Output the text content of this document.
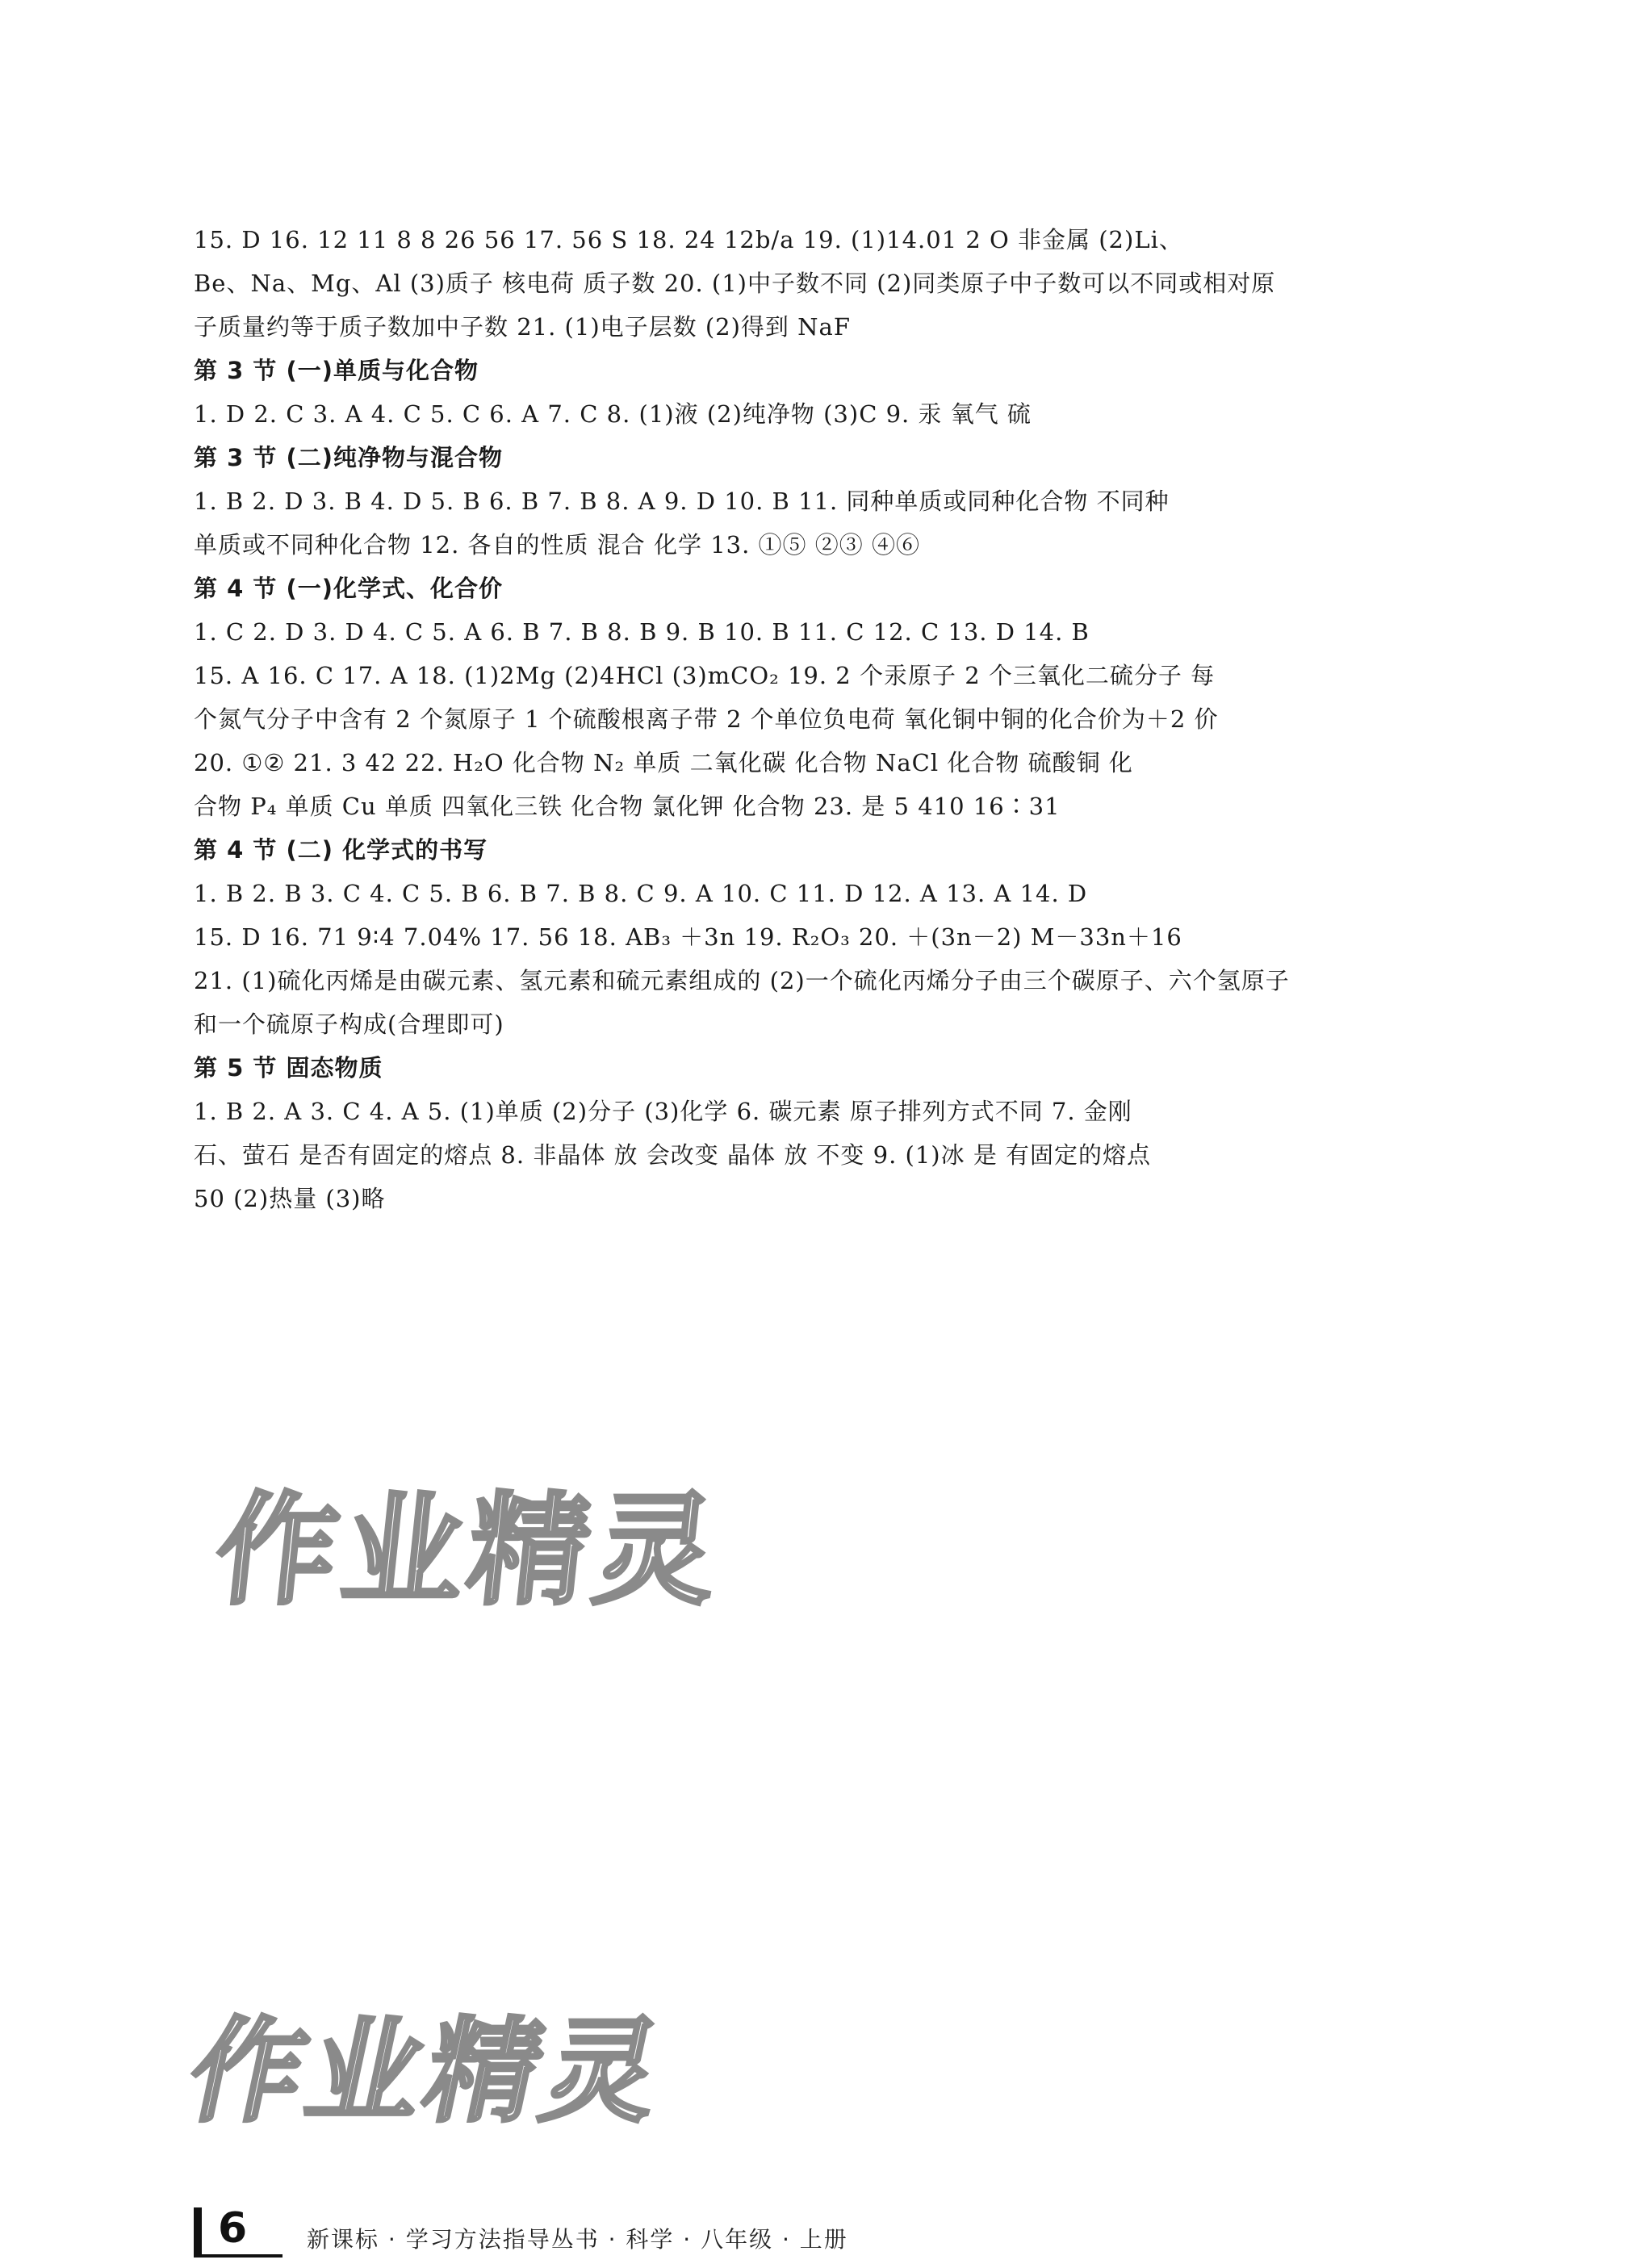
15. D 16. 12 11 8 8 26 56 17. 56 S 18. 24 12b/a 19. (1)14.01 2 O 非金属 (2)Li、
Be、Na、Mg、Al (3)质子 核电荷 质子数 20. (1)中子数不同 (2)同类原子中子数可以不同或相对原
子质量约等于质子数加中子数 21. (1)电子层数 (2)得到 NaF
第 3 节 (一)单质与化合物
1. D 2. C 3. A 4. C 5. C 6. A 7. C 8. (1)液 (2)纯净物 (3)C 9. 汞 氧气 硫
第 3 节 (二)纯净物与混合物
1. B 2. D 3. B 4. D 5. B 6. B 7. B 8. A 9. D 10. B 11. 同种单质或同种化合物 不同种
单质或不同种化合物 12. 各自的性质 混合 化学 13. ①⑤ ②③ ④⑥
第 4 节 (一)化学式、化合价
1. C 2. D 3. D 4. C 5. A 6. B 7. B 8. B 9. B 10. B 11. C 12. C 13. D 14. B
15. A 16. C 17. A 18. (1)2Mg (2)4HCl (3)mCO₂ 19. 2 个汞原子 2 个三氧化二硫分子 每
个氮气分子中含有 2 个氮原子 1 个硫酸根离子带 2 个单位负电荷 氧化铜中铜的化合价为＋2 价
20. ①② 21. 3 42 22. H₂O 化合物 N₂ 单质 二氧化碳 化合物 NaCl 化合物 硫酸铜 化
合物 P₄ 单质 Cu 单质 四氧化三铁 化合物 氯化钾 化合物 23. 是 5 410 16∶31
第 4 节 (二) 化学式的书写
1. B 2. B 3. C 4. C 5. B 6. B 7. B 8. C 9. A 10. C 11. D 12. A 13. A 14. D
15. D 16. 71 9∶4 7.04% 17. 56 18. AB₃ ＋3n 19. R₂O₃ 20. ＋(3n－2) M－33n＋16
21. (1)硫化丙烯是由碳元素、氢元素和硫元素组成的 (2)一个硫化丙烯分子由三个碳原子、六个氢原子
和一个硫原子构成(合理即可)
第 5 节 固态物质
1. B 2. A 3. C 4. A 5. (1)单质 (2)分子 (3)化学 6. 碳元素 原子排列方式不同 7. 金刚
石、萤石 是否有固定的熔点 8. 非晶体 放 会改变 晶体 放 不变 9. (1)冰 是 有固定的熔点
50 (2)热量 (3)略
作业精灵
作业精灵
6	新课标 · 学习方法指导丛书 · 科学 · 八年级 · 上册
